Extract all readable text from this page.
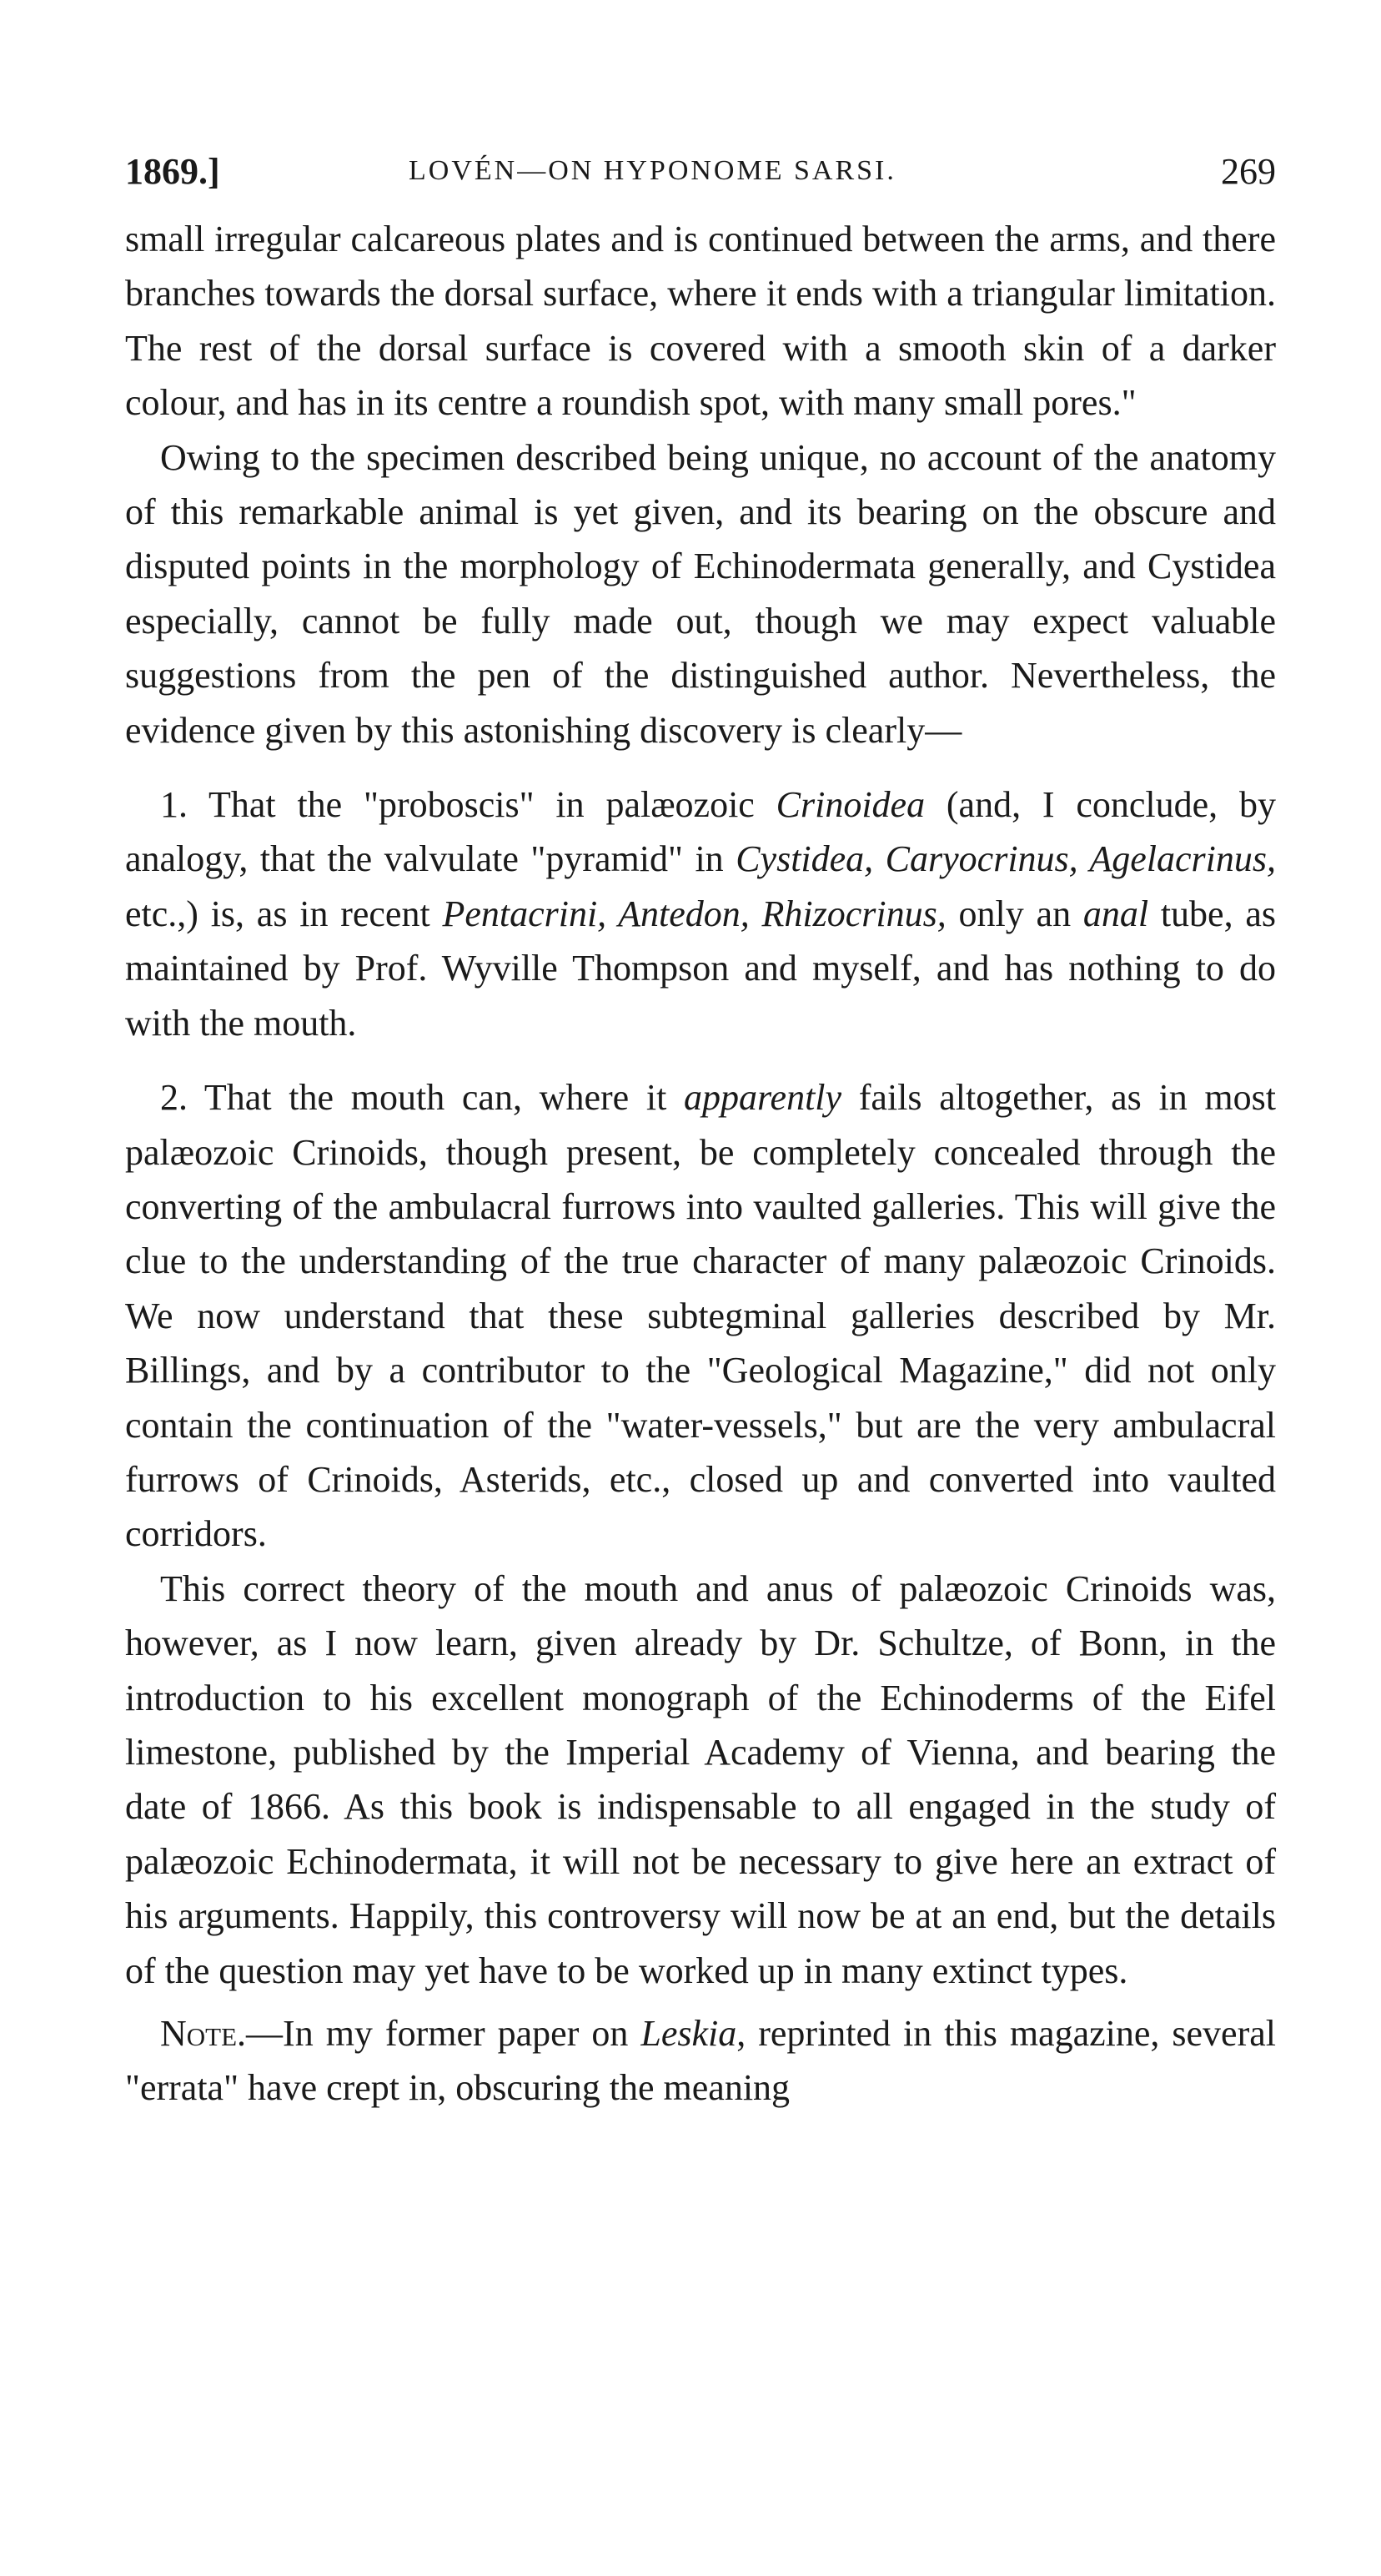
1869.]	LOVÉN—ON HYPONOME SARSI.	269

small irregular calcareous plates and is continued between the arms, and there branches towards the dorsal surface, where it ends with a triangular limitation. The rest of the dorsal surface is covered with a smooth skin of a darker colour, and has in its centre a roundish spot, with many small pores."

Owing to the specimen described being unique, no account of the anatomy of this remarkable animal is yet given, and its bearing on the obscure and disputed points in the morphology of Echinodermata generally, and Cystidea especially, cannot be fully made out, though we may expect valuable suggestions from the pen of the distinguished author. Nevertheless, the evidence given by this astonishing discovery is clearly—

1. That the "proboscis" in palæozoic Crinoidea (and, I conclude, by analogy, that the valvulate "pyramid" in Cystidea, Caryocrinus, Agelacrinus, etc.,) is, as in recent Pentacrini, Antedon, Rhizocrinus, only an anal tube, as maintained by Prof. Wyville Thompson and myself, and has nothing to do with the mouth.

2. That the mouth can, where it apparently fails altogether, as in most palæozoic Crinoids, though present, be completely concealed through the converting of the ambulacral furrows into vaulted galleries. This will give the clue to the understanding of the true character of many palæozoic Crinoids. We now understand that these subtegminal galleries described by Mr. Billings, and by a contributor to the "Geological Magazine," did not only contain the continuation of the "water-vessels," but are the very ambulacral furrows of Crinoids, Asterids, etc., closed up and converted into vaulted corridors.

This correct theory of the mouth and anus of palæozoic Crinoids was, however, as I now learn, given already by Dr. Schultze, of Bonn, in the introduction to his excellent monograph of the Echinoderms of the Eifel limestone, published by the Imperial Academy of Vienna, and bearing the date of 1866. As this book is indispensable to all engaged in the study of palæozoic Echinodermata, it will not be necessary to give here an extract of his arguments. Happily, this controversy will now be at an end, but the details of the question may yet have to be worked up in many extinct types.

Note.—In my former paper on Leskia, reprinted in this magazine, several "errata" have crept in, obscuring the meaning
